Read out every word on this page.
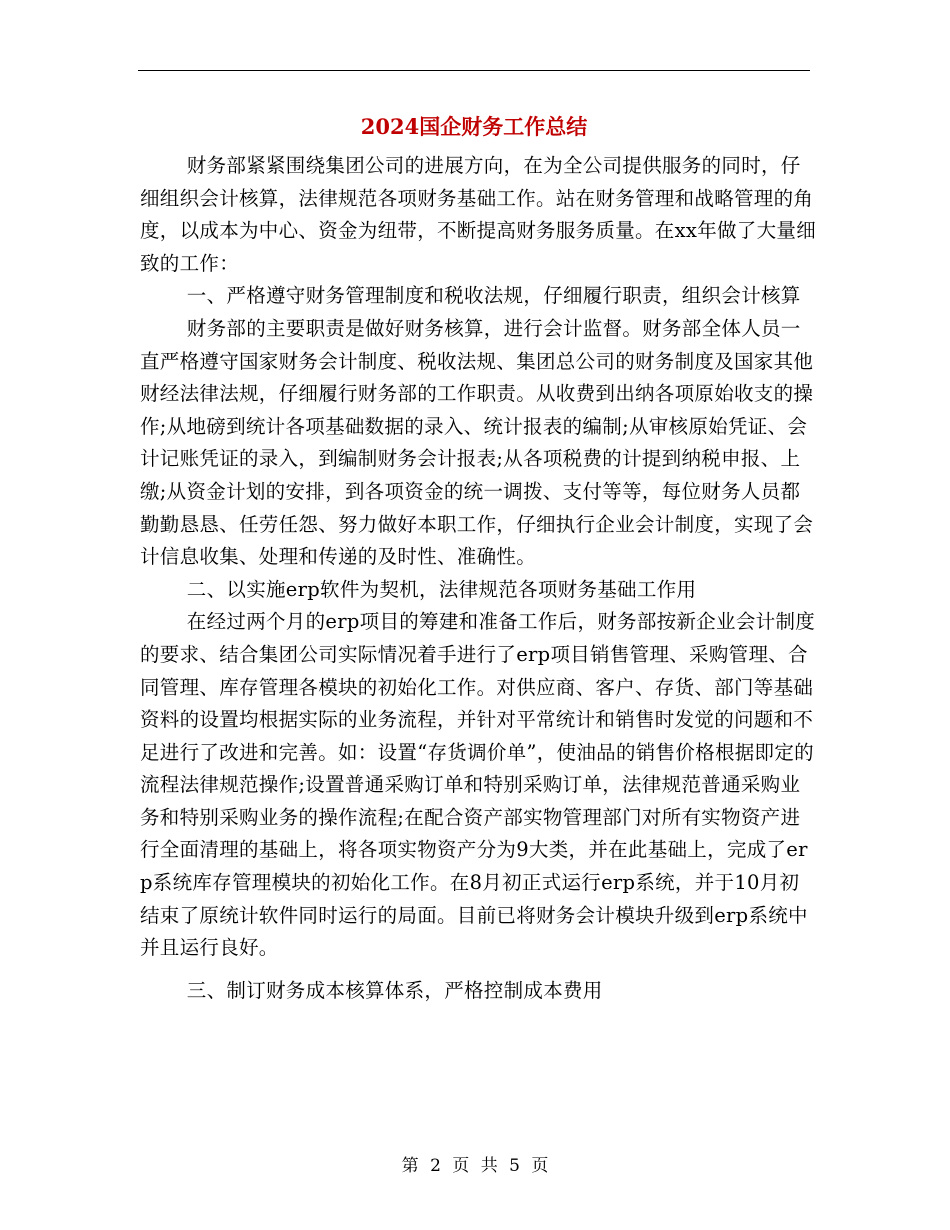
2024国企财务工作总结

财务部紧紧围绕集团公司的进展方向，在为全公司提供服务的同时，仔细组织会计核算，法律规范各项财务基础工作。站在财务管理和战略管理的角度，以成本为中心、资金为纽带，不断提高财务服务质量。在xx年做了大量细致的工作：

一、严格遵守财务管理制度和税收法规，仔细履行职责，组织会计核算

财务部的主要职责是做好财务核算，进行会计监督。财务部全体人员一直严格遵守国家财务会计制度、税收法规、集团总公司的财务制度及国家其他财经法律法规，仔细履行财务部的工作职责。从收费到出纳各项原始收支的操作;从地磅到统计各项基础数据的录入、统计报表的编制;从审核原始凭证、会计记账凭证的录入，到编制财务会计报表;从各项税费的计提到纳税申报、上缴;从资金计划的安排，到各项资金的统一调拨、支付等等，每位财务人员都勤勤恳恳、任劳任怨、努力做好本职工作，仔细执行企业会计制度，实现了会计信息收集、处理和传递的及时性、准确性。

二、以实施erp软件为契机，法律规范各项财务基础工作用

在经过两个月的erp项目的筹建和准备工作后，财务部按新企业会计制度的要求、结合集团公司实际情况着手进行了erp项目销售管理、采购管理、合同管理、库存管理各模块的初始化工作。对供应商、客户、存货、部门等基础资料的设置均根据实际的业务流程，并针对平常统计和销售时发觉的问题和不足进行了改进和完善。如：设置“存货调价单”，使油品的销售价格根据即定的流程法律规范操作;设置普通采购订单和特别采购订单，法律规范普通采购业务和特别采购业务的操作流程;在配合资产部实物管理部门对所有实物资产进行全面清理的基础上，将各项实物资产分为9大类，并在此基础上，完成了erp系统库存管理模块的初始化工作。在8月初正式运行erp系统，并于10月初结束了原统计软件同时运行的局面。目前已将财务会计模块升级到erp系统中并且运行良好。

三、制订财务成本核算体系，严格控制成本费用

第 2 页 共 5 页
